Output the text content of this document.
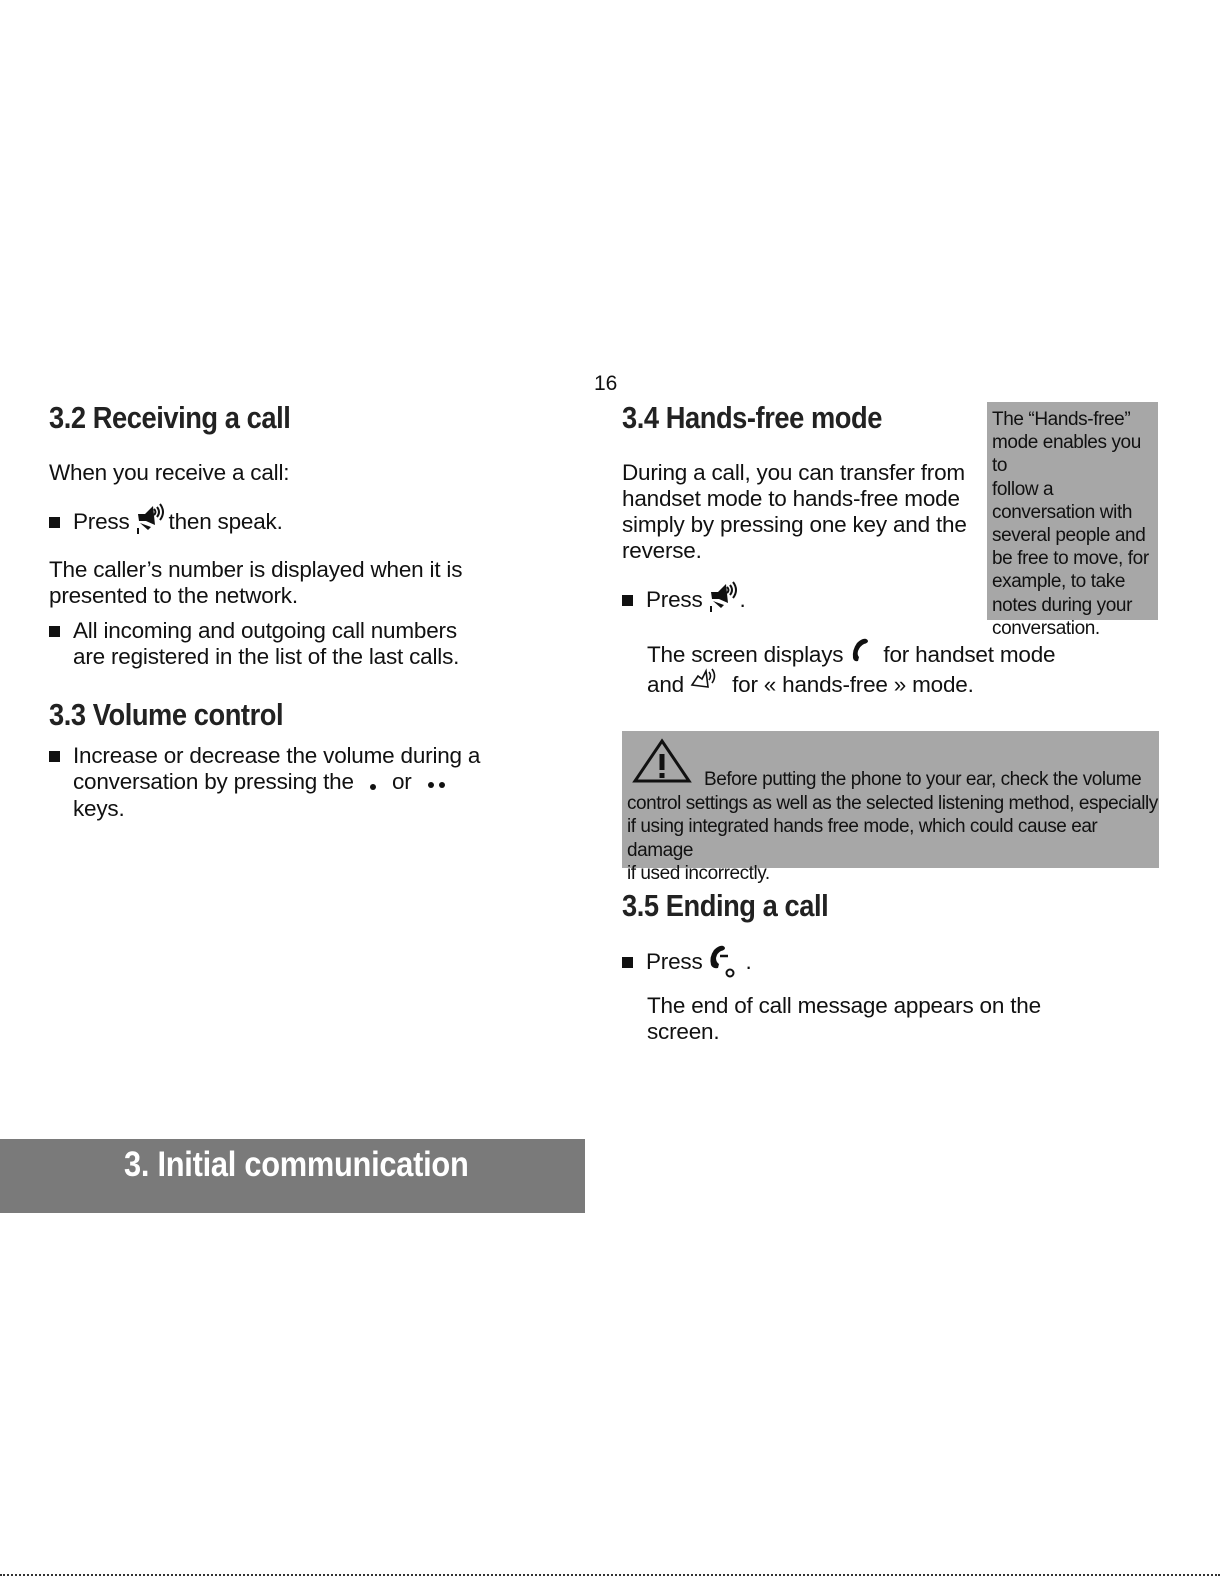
16
3.2 Receiving a call
When you receive a call:
Press then speak.
The caller’s number is displayed when it is
presented to the network.
All incoming and outgoing call numbers
are registered in the list of the last calls.
3.3 Volume control
Increase or decrease the volume during a
conversation by pressing the or
keys.
3.4 Hands-free mode
During a call, you can transfer from
handset mode to hands-free mode
simply by pressing one key and the
reverse.
Press .
The screen displays for handset mode
and for « hands-free » mode.
The “Hands-free”
mode enables you to
follow a
conversation with
several people and
be free to move, for
example, to take
notes during your
conversation.
Before putting the phone to your ear, check the volume
control settings as well as the selected listening method, especially
if using integrated hands free mode, which could cause ear damage
if used incorrectly.
3.5 Ending a call
Press .
The end of call message appears on the
screen.
3. Initial communication
